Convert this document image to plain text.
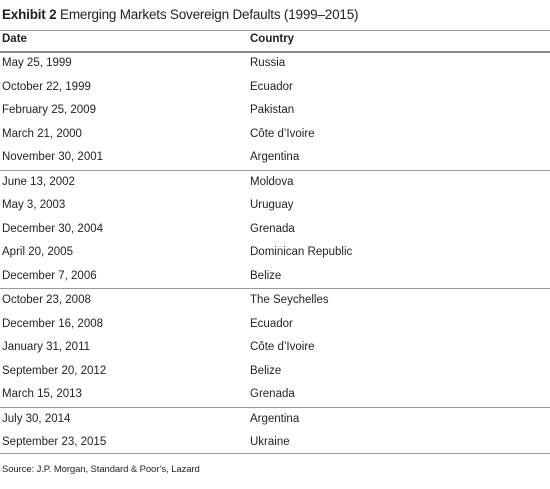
Exhibit 2 Emerging Markets Sovereign Defaults (1999–2015)
Date	Country
May 25, 1999	Russia
October 22, 1999	Ecuador
February 25, 2009	Pakistan
March 21, 2000	Côte d’Ivoire
November 30, 2001	Argentina
June 13, 2002	Moldova
May 3, 2003	Uruguay
December 30, 2004	Grenada
April 20, 2005	Dominican Republic
December 7, 2006	Belize
October 23, 2008	The Seychelles
December 16, 2008	Ecuador
January 31, 2011	Côte d’Ivoire
September 20, 2012	Belize
March 15, 2013	Grenada
July 30, 2014	Argentina
September 23, 2015	Ukraine
Source: J.P. Morgan, Standard & Poor’s, Lazard
